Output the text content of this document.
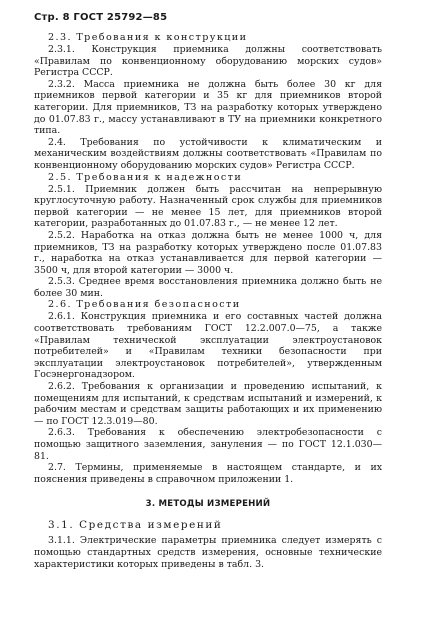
Стр. 8 ГОСТ 25792—85
2.3. Требования к конструкции

2.3.1. Конструкция приемника должны соответствовать «Правилам по конвенционному оборудованию морских судов» Регистра СССР.

2.3.2. Масса приемника не должна быть более 30 кг для приемников первой категории и 35 кг для приемников второй категории. Для приемников, ТЗ на разработку которых утверждено до 01.07.83 г., массу устанавливают в ТУ на приемники конкретного типа.

2.4. Требования по устойчивости к климатическим и механическим воздействиям должны соответствовать «Правилам по конвенционному оборудованию морских судов» Регистра СССР.

2.5. Требования к надежности

2.5.1. Приемник должен быть рассчитан на непрерывную круглосуточную работу. Назначенный срок службы для приемников первой категории — не менее 15 лет, для приемников второй категории, разработанных до 01.07.83 г., — не менее 12 лет.

2.5.2. Наработка на отказ должна быть не менее 1000 ч, для приемников, ТЗ на разработку которых утверждено после 01.07.83 г., наработка на отказ устанавливается для первой категории — 3500 ч, для второй категории — 3000 ч.

2.5.3. Среднее время восстановления приемника должно быть не более 30 мин.

2.6. Требования безопасности

2.6.1. Конструкция приемника и его составных частей должна соответствовать требованиям ГОСТ 12.2.007.0—75, а также «Правилам технической эксплуатации электроустановок потребителей» и «Правилам техники безопасности при эксплуатации электроустановок потребителей», утвержденным Госэнергонадзором.

2.6.2. Требования к организации и проведению испытаний, к помещениям для испытаний, к средствам испытаний и измерений, к рабочим местам и средствам защиты работающих и их применению — по ГОСТ 12.3.019—80.

2.6.3. Требования к обеспечению электробезопасности с помощью защитного заземления, зануления — по ГОСТ 12.1.030—81.

2.7. Термины, применяемые в настоящем стандарте, и их пояснения приведены в справочном приложении 1.

3. МЕТОДЫ ИЗМЕРЕНИЙ
3.1. Средства измерений

3.1.1. Электрические параметры приемника следует измерять с помощью стандартных средств измерения, основные технические характеристики которых приведены в табл. 3.
